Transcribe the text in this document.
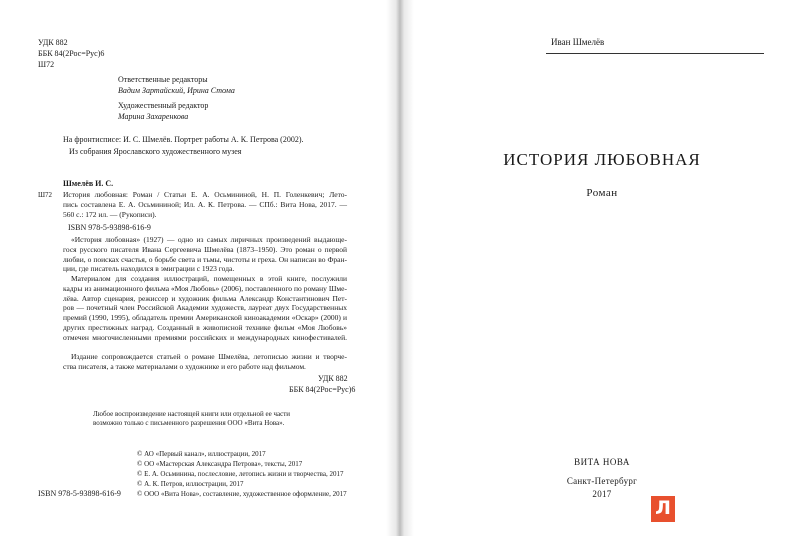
УДК 882
ББК 84(2Рос=Рус)6
Ш72
Ответственные редакторы
Вадим Зартайский, Ирина Стома
Художественный редактор
Марина Захаренкова
На фронтисписе: И. С. Шмелёв. Портрет работы А. К. Петрова (2002).
Из собрания Ярославского художественного музея
Шмелёв И. С.
Ш72 История любовная: Роман / Статьи Е. А. Осьмининой, Н. П. Голенкевич; Лето-
пись составлена Е. А. Осьмининой; Ил. А. К. Петрова. — СПб.: Вита Нова, 2017. —
560 с.: 172 ил. — (Рукописи).
ISBN 978-5-93898-616-9
«История любовная» (1927) — одно из самых лиричных произведений выдающе-
гося русского писателя Ивана Сергеевича Шмелёва (1873–1950). Это роман о первой
любви, о поисках счастья, о борьбе света и тьмы, чистоты и греха. Он написан во Фран-
ции, где писатель находился в эмиграции с 1923 года.
Материалом для создания иллюстраций, помещенных в этой книге, послужили
кадры из анимационного фильма «Моя Любовь» (2006), поставленного по роману Шме-
лёва. Автор сценария, режиссер и художник фильма Александр Константинович Пет-
ров — почетный член Российской Академии художеств, лауреат двух Государственных
премий (1990, 1995), обладатель премии Американской киноакадемии «Оскар» (2000) и
других престижных наград. Созданный в живописной технике фильм «Моя Любовь»
отмечен многочисленными премиями российских и международных кинофестивалей.
Издание сопровождается статьей о романе Шмелёва, летописью жизни и творче-
ства писателя, а также материалами о художнике и его работе над фильмом.
УДК 882
ББК 84(2Рос=Рус)6
Любое воспроизведение настоящей книги или отдельной ее части
возможно только с письменного разрешения ООО «Вита Нова».
© АО «Первый канал», иллюстрации, 2017
© ОО «Мастерская Александра Петрова», тексты, 2017
© Е. А. Осьминина, послесловие, летопись жизни и творчества, 2017
© А. К. Петров, иллюстрации, 2017
© ООО «Вита Нова», составление, художественное оформление, 2017
ISBN 978-5-93898-616-9
Иван Шмелёв
ИСТОРИЯ ЛЮБОВНАЯ
Роман
ВИТА НОВА
Санкт-Петербург
2017
Л
